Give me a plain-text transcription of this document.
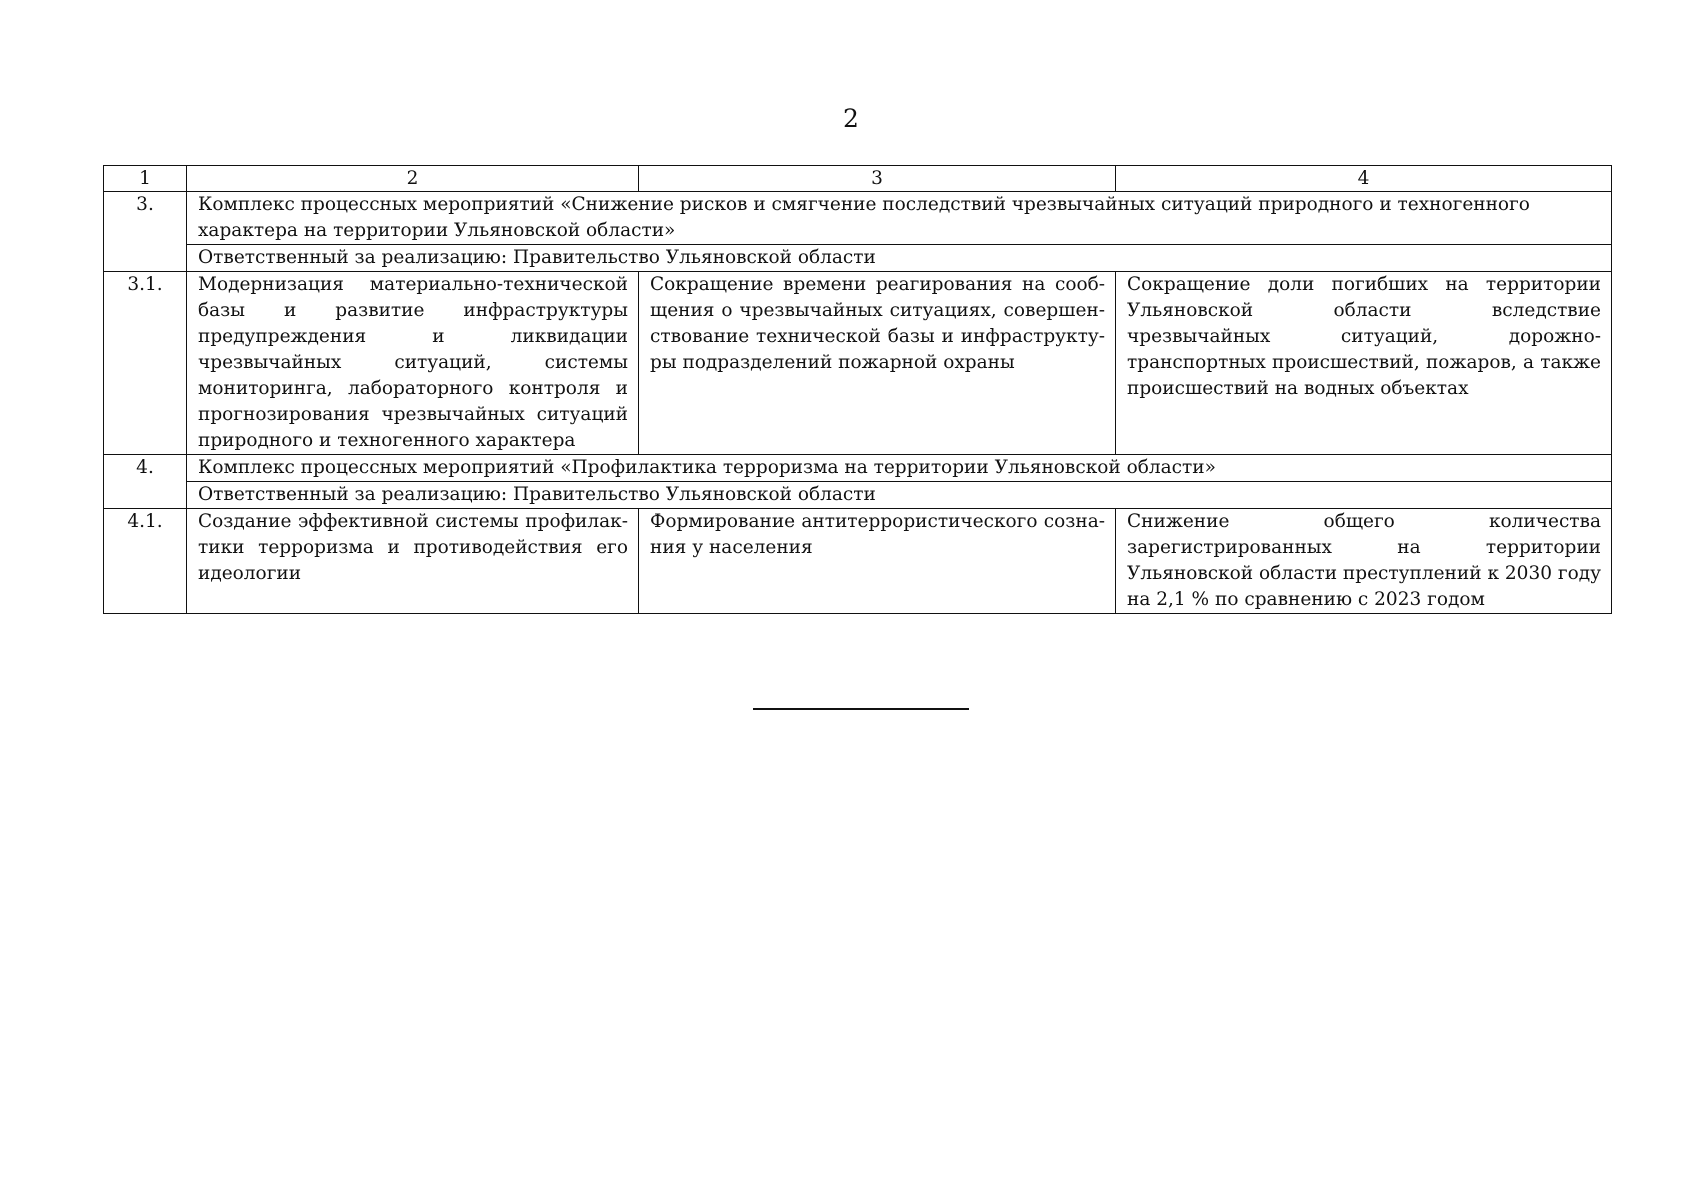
2
1	2	3	4
3.	Комплекс процессных мероприятий «Снижение рисков и смягчение последствий чрезвычайных ситуаций природного и техногенного характера на территории Ульяновской области»		
	Ответственный за реализацию: Правительство Ульяновской области		
3.1.	Модернизация материально-технической базы и развитие инфраструктуры предупреждения и ликвидации чрезвычайных ситуаций, системы мониторинга, лабораторного контроля и прогнозирования чрезвычайных ситуаций природного и техногенного характера	Сокращение времени реагирования на сообщения о чрезвычайных ситуациях, совершенствование технической базы и инфраструктуры подразделений пожарной охраны	Сокращение доли погибших на территории Ульяновской области вследствие чрезвычайных ситуаций, дорожно-транспортных происшествий, пожаров, а также происшествий на водных объектах
4.	Комплекс процессных мероприятий «Профилактика терроризма на территории Ульяновской области»		
	Ответственный за реализацию: Правительство Ульяновской области		
4.1.	Создание эффективной системы профилактики терроризма и противодействия его идеологии	Формирование антитеррористического сознания у населения	Снижение общего количества зарегистрированных на территории Ульяновской области преступлений к 2030 году на 2,1 % по сравнению с 2023 годом
